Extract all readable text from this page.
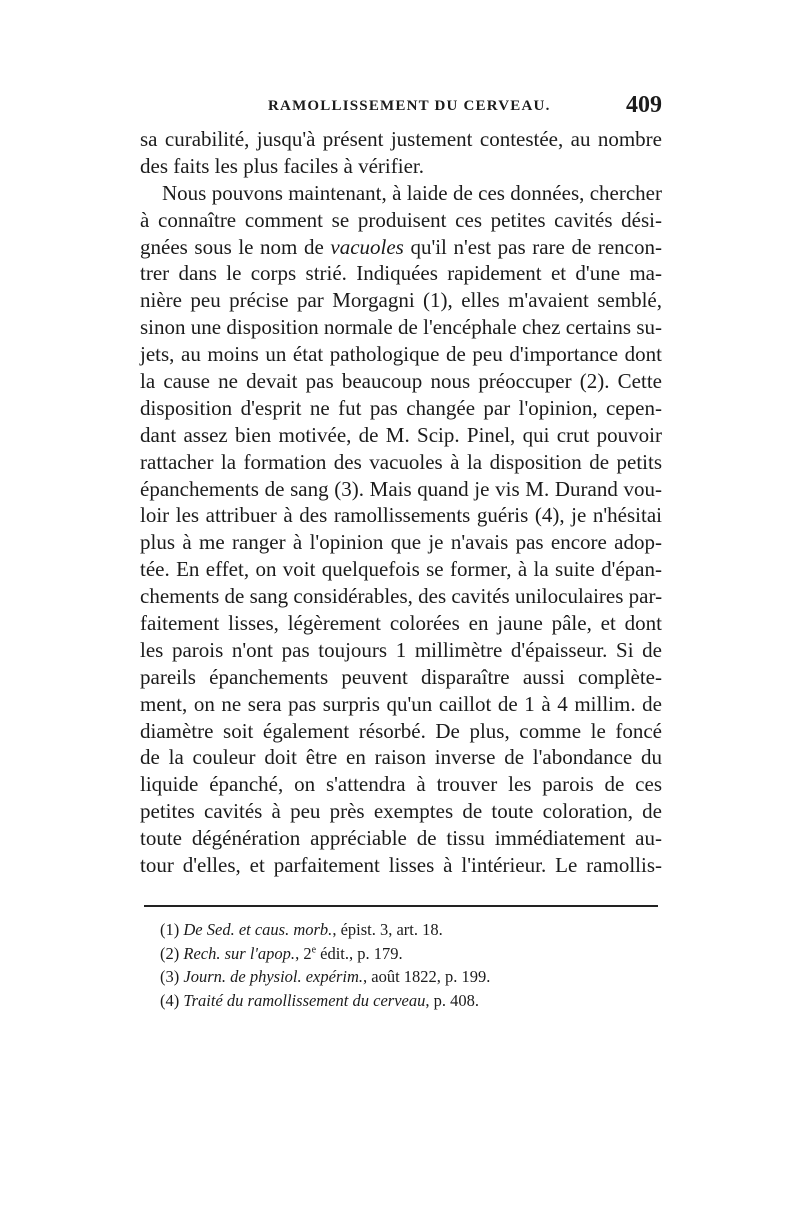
RAMOLLISSEMENT DU CERVEAU.	409
sa curabilité, jusqu'à présent justement contestée, au nombre
des faits les plus faciles à vérifier.
Nous pouvons maintenant, à laide de ces données, chercher
à connaître comment se produisent ces petites cavités dési-
gnées sous le nom de vacuoles qu'il n'est pas rare de rencon-
trer dans le corps strié. Indiquées rapidement et d'une ma-
nière peu précise par Morgagni (1), elles m'avaient semblé,
sinon une disposition normale de l'encéphale chez certains su-
jets, au moins un état pathologique de peu d'importance dont
la cause ne devait pas beaucoup nous préoccuper (2). Cette
disposition d'esprit ne fut pas changée par l'opinion, cepen-
dant assez bien motivée, de M. Scip. Pinel, qui crut pouvoir
rattacher la formation des vacuoles à la disposition de petits
épanchements de sang (3). Mais quand je vis M. Durand vou-
loir les attribuer à des ramollissements guéris (4), je n'hésitai
plus à me ranger à l'opinion que je n'avais pas encore adop-
tée. En effet, on voit quelquefois se former, à la suite d'épan-
chements de sang considérables, des cavités uniloculaires par-
faitement lisses, légèrement colorées en jaune pâle, et dont
les parois n'ont pas toujours 1 millimètre d'épaisseur. Si de
pareils épanchements peuvent disparaître aussi complète-
ment, on ne sera pas surpris qu'un caillot de 1 à 4 millim. de
diamètre soit également résorbé. De plus, comme le foncé
de la couleur doit être en raison inverse de l'abondance du
liquide épanché, on s'attendra à trouver les parois de ces
petites cavités à peu près exemptes de toute coloration, de
toute dégénération appréciable de tissu immédiatement au-
tour d'elles, et parfaitement lisses à l'intérieur. Le ramollis-
(1) De Sed. et caus. morb., épist. 3, art. 18.
(2) Rech. sur l'apop., 2e édit., p. 179.
(3) Journ. de physiol. expérim., août 1822, p. 199.
(4) Traité du ramollissement du cerveau, p. 408.
